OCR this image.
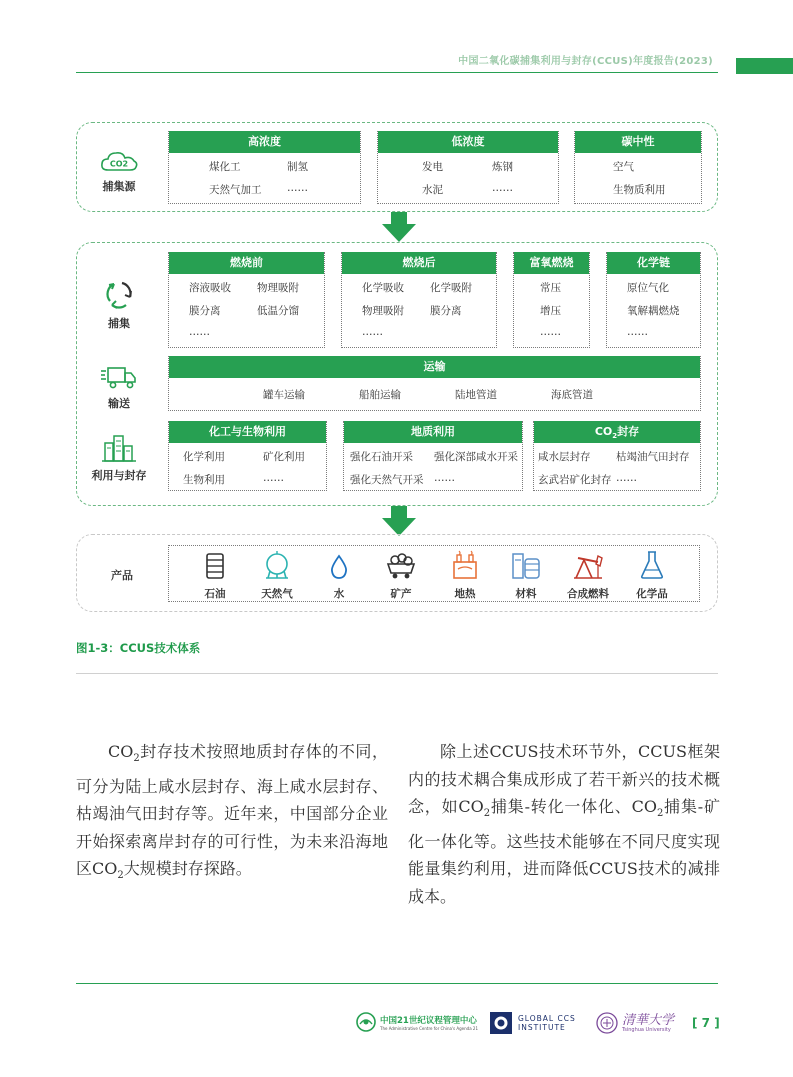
中国二氧化碳捕集利用与封存(CCUS)年度报告(2023)
CO2
捕集源
高浓度
煤化工	制氢
天然气加工	……
低浓度
发电	炼钢
水泥	……
碳中性
空气
生物质利用
捕集
燃烧前
溶液吸收	物理吸附
膜分离	低温分馏
……
燃烧后
化学吸收	化学吸附
物理吸附	膜分离
……
富氧燃烧
常压
增压
……
化学链
原位气化
氧解耦燃烧
……
输送
运输
罐车运输	船舶运输	陆地管道	海底管道
利用与封存
化工与生物利用
化学利用	矿化利用
生物利用	……
地质利用
强化石油开采	强化深部咸水开采
强化天然气开采	……
$CO_2$封存
咸水层封存	枯竭油气田封存
玄武岩矿化封存 ……
产品
石油	天然气	水	矿产	地热	材料	合成燃料	化学品
图1-3：CCUS技术体系
$CO_2$封存技术按照地质封存体的不同，可分为陆上咸水层封存、海上咸水层封存、枯竭油气田封存等。近年来，中国部分企业开始探索离岸封存的可行性，为未来沿海地区$CO_2$大规模封存探路。
除上述CCUS技术环节外，CCUS框架内的技术耦合集成形成了若干新兴的技术概念，如$CO_2$捕集-转化一体化、$CO_2$捕集-矿化一体化等。这些技术能够在不同尺度实现能量集约利用，进而降低CCUS技术的减排成本。
中国21世纪议程管理中心
The Administrative Centre for China's Agenda 21
GLOBAL CCS
INSTITUTE	清華大学
Tsinghua University [ 7 ]
